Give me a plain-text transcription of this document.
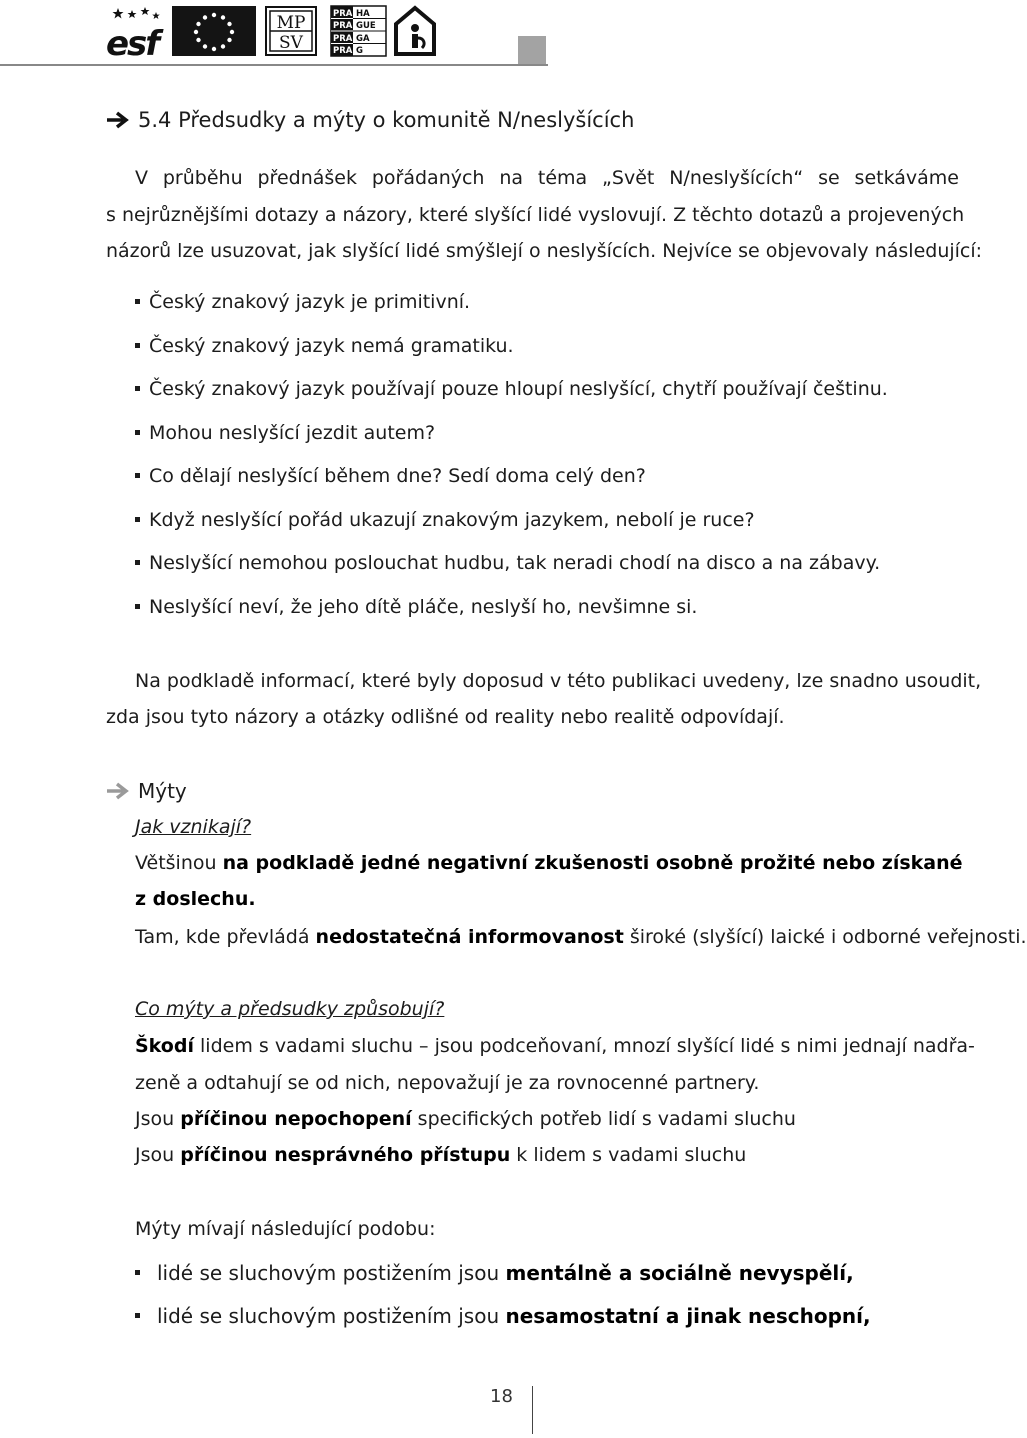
esf
MP
SV
PRA HA
PRA GUE
PRA GA
PRA G
5.4 Předsudky a mýty o komunitě N/neslyšících
V průběhu přednášek pořádaných na téma „Svět N/neslyšících“ se setkáváme
s nejrůznějšími dotazy a názory, které slyšící lidé vyslovují. Z těchto dotazů a projevených
názorů lze usuzovat, jak slyšící lidé smýšlejí o neslyšících. Nejvíce se objevovaly následující:
Český znakový jazyk je primitivní.
Český znakový jazyk nemá gramatiku.
Český znakový jazyk používají pouze hloupí neslyšící, chytří používají češtinu.
Mohou neslyšící jezdit autem?
Co dělají neslyšící během dne? Sedí doma celý den?
Když neslyšící pořád ukazují znakovým jazykem, nebolí je ruce?
Neslyšící nemohou poslouchat hudbu, tak neradi chodí na disco a na zábavy.
Neslyšící neví, že jeho dítě pláče, neslyší ho, nevšimne si.
Na podkladě informací, které byly doposud v této publikaci uvedeny, lze snadno usoudit,
zda jsou tyto názory a otázky odlišné od reality nebo realitě odpovídají.
Mýty
Jak vznikají?
Většinou na podkladě jedné negativní zkušenosti osobně prožité nebo získané
z doslechu.
Tam, kde převládá nedostatečná informovanost široké (slyšící) laické i odborné veřejnosti.
Co mýty a předsudky způsobují?
Škodí lidem s vadami sluchu – jsou podceňovaní, mnozí slyšící lidé s nimi jednají nadřa-
zeně a odtahují se od nich, nepovažují je za rovnocenné partnery.
Jsou příčinou nepochopení specifických potřeb lidí s vadami sluchu
Jsou příčinou nesprávného přístupu k lidem s vadami sluchu
Mýty mívají následující podobu:
lidé se sluchovým postižením jsou mentálně a sociálně nevyspělí,
lidé se sluchovým postižením jsou nesamostatní a jinak neschopní,
18
